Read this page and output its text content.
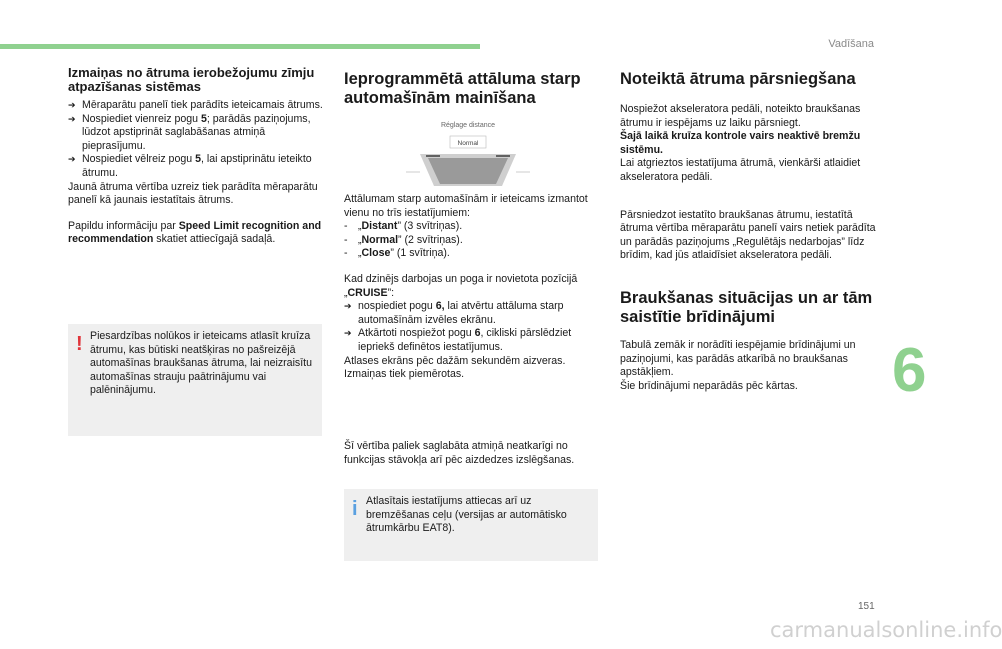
Vadīšana

Izmaiņas no ātruma ierobežojumu zīmju atpazīšanas sistēmas

➔ Mēraparātu panelī tiek parādīts ieteicamais ātrums.

➔ Nospiediet vienreiz pogu 5; parādās paziņojums, lūdzot apstiprināt saglabāšanas atmiņā pieprasījumu.

➔ Nospiediet vēlreiz pogu 5, lai apstiprinātu ieteikto ātrumu.

Jaunā ātruma vērtība uzreiz tiek parādīta mēraparātu panelī kā jaunais iestatītais ātrums.

Papildu informāciju par Speed Limit recognition and recommendation skatiet attiecīgajā sadaļā.

! Piesardzības nolūkos ir ieteicams atlasīt kruīza ātrumu, kas būtiski neatšķiras no pašreizējā automašīnas braukšanas ātruma, lai neizraisītu automašīnas strauju paātrinājumu vai palēninājumu.

Ieprogrammētā attāluma starp automašīnām mainīšana

Réglage distance
Normal

Attālumam starp automašīnām ir ieteicams izmantot vienu no trīs iestatījumiem:

- „Distant” (3 svītriņas).

- „Normal” (2 svītriņas).

- „Close” (1 svītriņa).

Kad dzinējs darbojas un poga ir novietota pozīcijā „CRUISE”:

➔ nospiediet pogu 6, lai atvērtu attāluma starp automašīnām izvēles ekrānu.

➔ Atkārtoti nospiežot pogu 6, cikliski pārslēdziet iepriekš definētos iestatījumus.

Atlases ekrāns pēc dažām sekundēm aizveras.

Izmaiņas tiek piemērotas.

Šī vērtība paliek saglabāta atmiņā neatkarīgi no funkcijas stāvokļa arī pēc aizdedzes izslēgšanas.

i Atlasītais iestatījums attiecas arī uz bremzēšanas ceļu (versijas ar automātisko ātrumkārbu EAT8).

Noteiktā ātruma pārsniegšana

Nospiežot akseleratora pedāli, noteikto braukšanas ātrumu ir iespējams uz laiku pārsniegt.

Šajā laikā kruīza kontrole vairs neaktivē bremžu sistēmu.

Lai atgrieztos iestatījuma ātrumā, vienkārši atlaidiet akseleratora pedāli.

Pārsniedzot iestatīto braukšanas ātrumu, iestatītā ātruma vērtība mēraparātu panelī vairs netiek parādīta un parādās paziņojums „Regulētājs nedarbojas” līdz brīdim, kad jūs atlaidīsiet akseleratora pedāli.

Braukšanas situācijas un ar tām saistītie brīdinājumi

Tabulā zemāk ir norādīti iespējamie brīdinājumi un paziņojumi, kas parādās atkarībā no braukšanas apstākļiem.

Šie brīdinājumi neparādās pēc kārtas.	6
151
carmanualsonline.info
